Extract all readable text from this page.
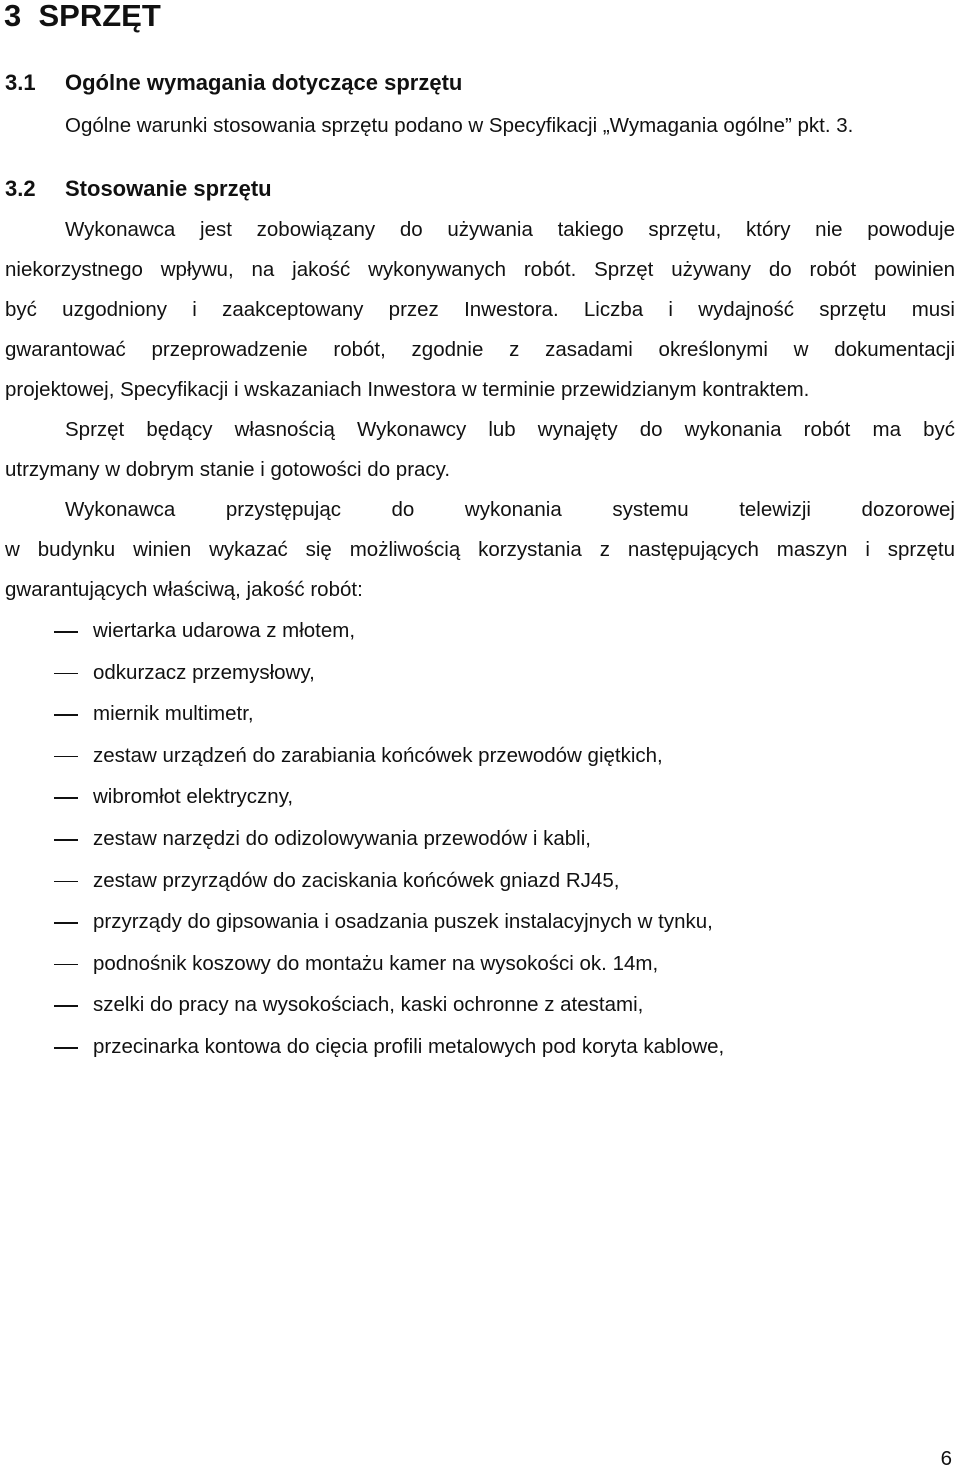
3 SPRZĘT
3.1 Ogólne wymagania dotyczące sprzętu
Ogólne warunki stosowania sprzętu podano w Specyfikacji „Wymagania ogólne” pkt. 3.
3.2 Stosowanie sprzętu
Wykonawca jest zobowiązany do używania takiego sprzętu, który nie powoduje
niekorzystnego wpływu, na jakość wykonywanych robót. Sprzęt używany do robót powinien
być uzgodniony i zaakceptowany przez Inwestora. Liczba i wydajność sprzętu musi
gwarantować przeprowadzenie robót, zgodnie z zasadami określonymi w dokumentacji
projektowej, Specyfikacji i wskazaniach Inwestora w terminie przewidzianym kontraktem.
Sprzęt będący własnością Wykonawcy lub wynajęty do wykonania robót ma być
utrzymany w dobrym stanie i gotowości do pracy.
Wykonawca przystępując do wykonania systemu telewizji dozorowej
w budynku winien wykazać się możliwością korzystania z następujących maszyn i sprzętu
gwarantujących właściwą, jakość robót:
wiertarka udarowa z młotem,
odkurzacz przemysłowy,
miernik multimetr,
zestaw urządzeń do zarabiania końcówek przewodów giętkich,
wibromłot elektryczny,
zestaw narzędzi do odizolowywania przewodów i kabli,
zestaw przyrządów do zaciskania końcówek gniazd RJ45,
przyrządy do gipsowania i osadzania puszek instalacyjnych w tynku,
podnośnik koszowy do montażu kamer na wysokości ok. 14m,
szelki do pracy na wysokościach, kaski ochronne z atestami,
przecinarka kontowa do cięcia profili metalowych pod koryta kablowe,
6
